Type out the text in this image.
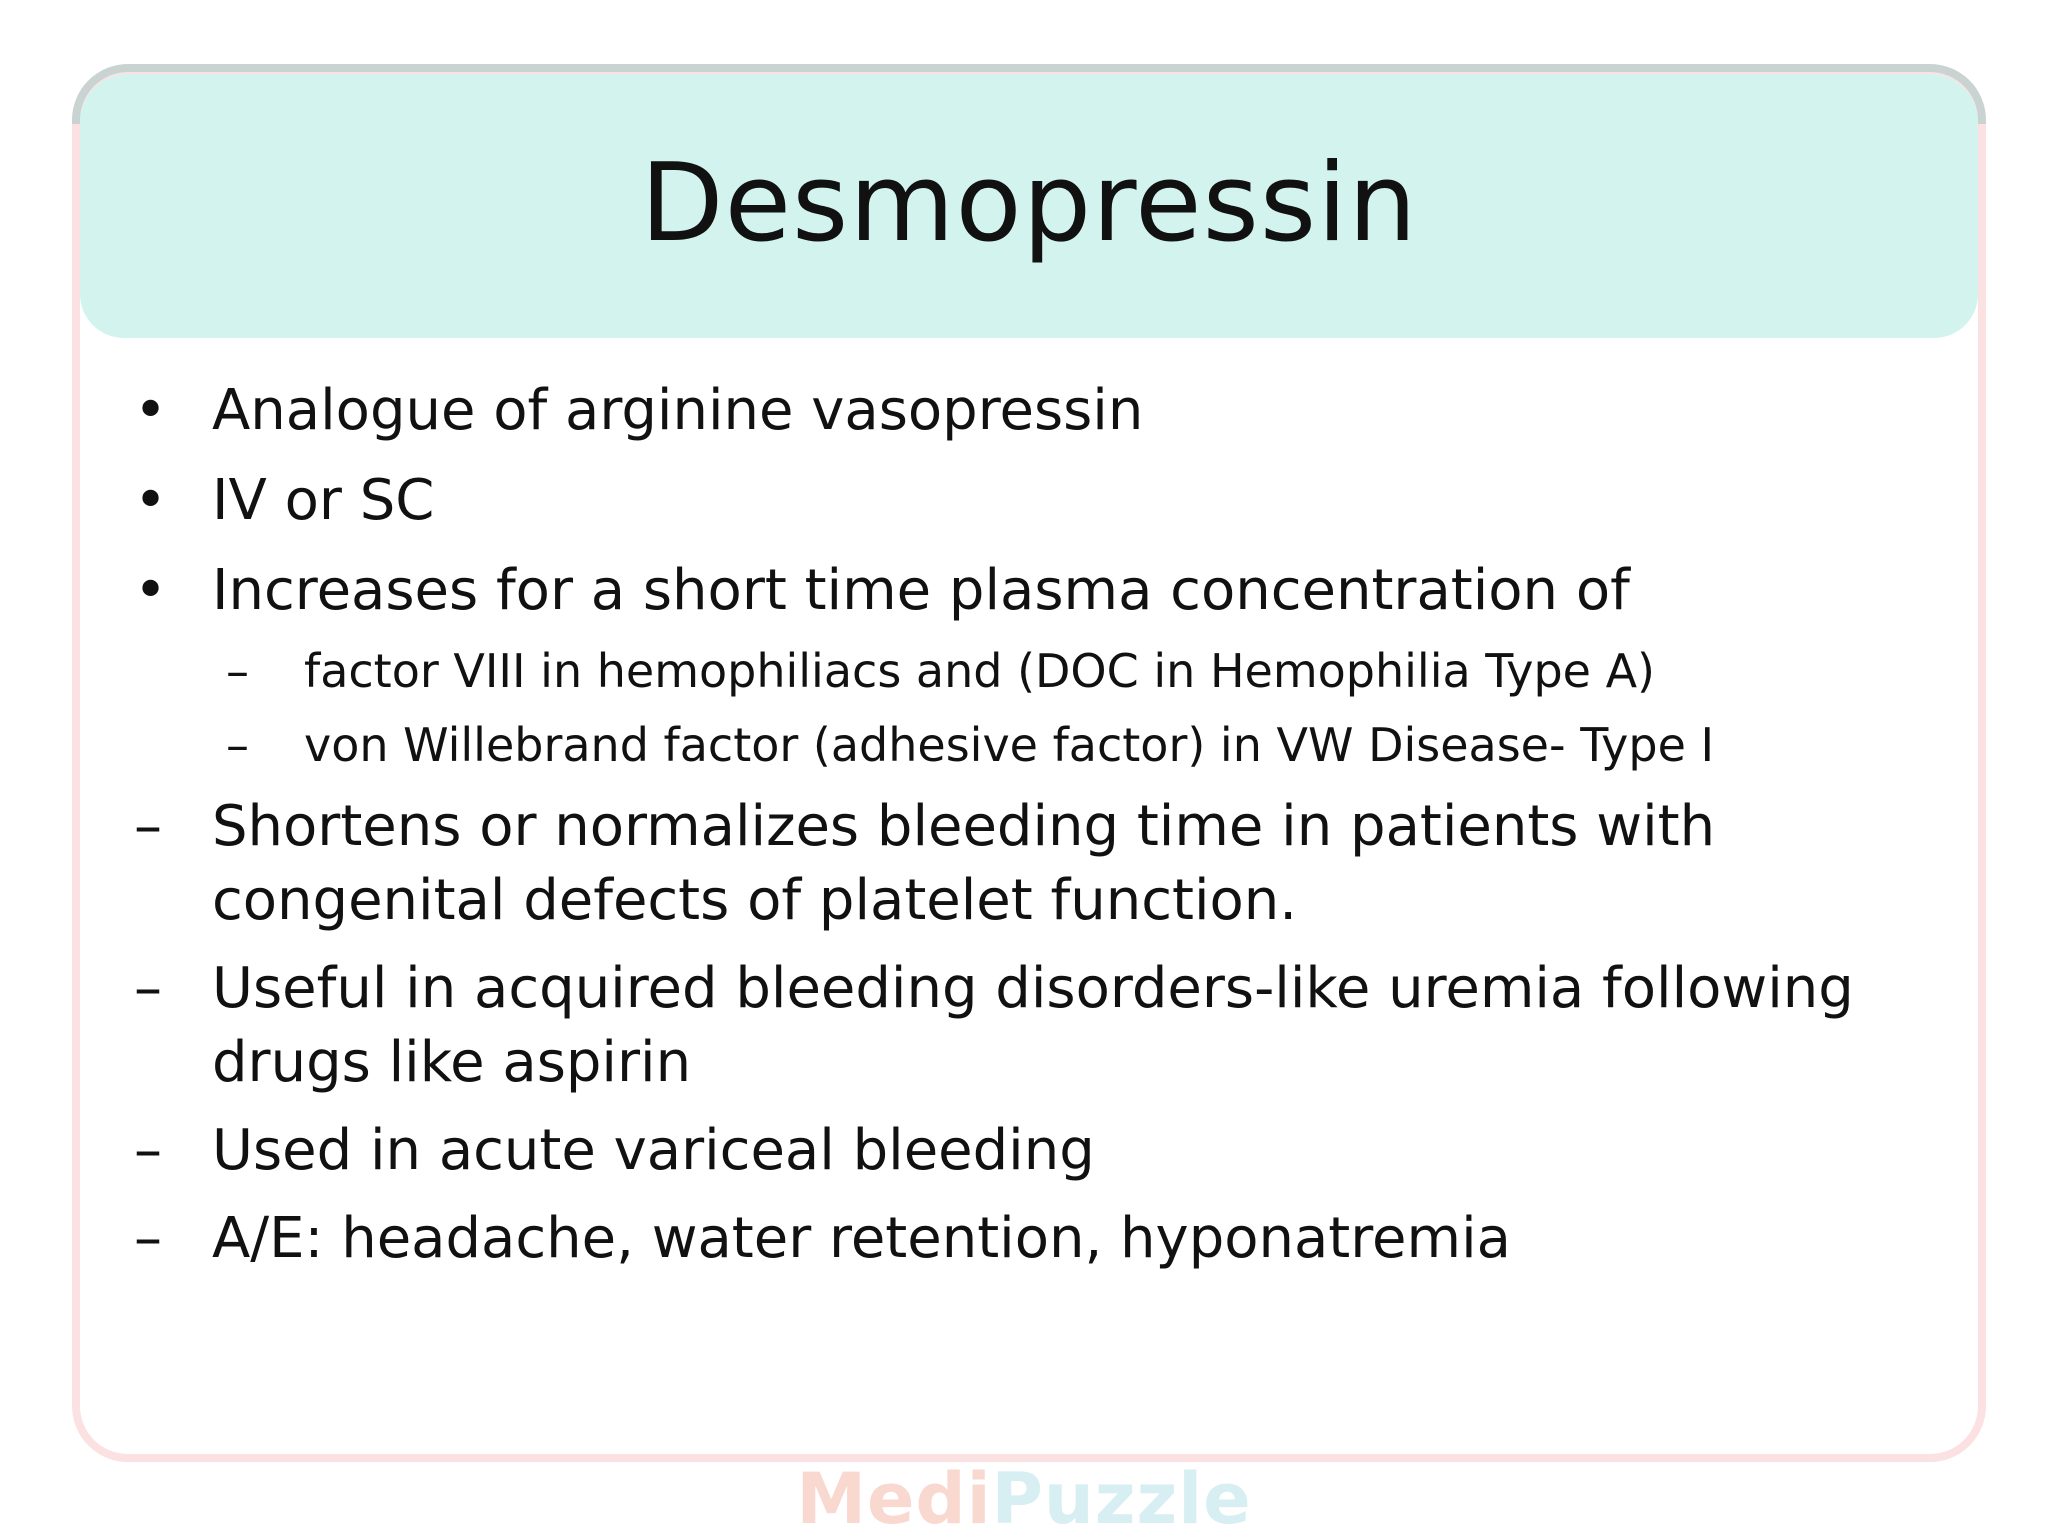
Desmopressin
• Analogue of arginine vasopressin
• IV or SC
• Increases for a short time plasma concentration of
–	factor VIII in hemophiliacs and (DOC in Hemophilia Type A)
–	von Willebrand factor (adhesive factor) in VW Disease- Type I
– Shortens or normalizes bleeding time in patients with congenital defects of platelet function.
– Useful in acquired bleeding disorders-like uremia following drugs like aspirin
– Used in acute variceal bleeding
– A/E: headache, water retention, hyponatremia
MediPuzzle
